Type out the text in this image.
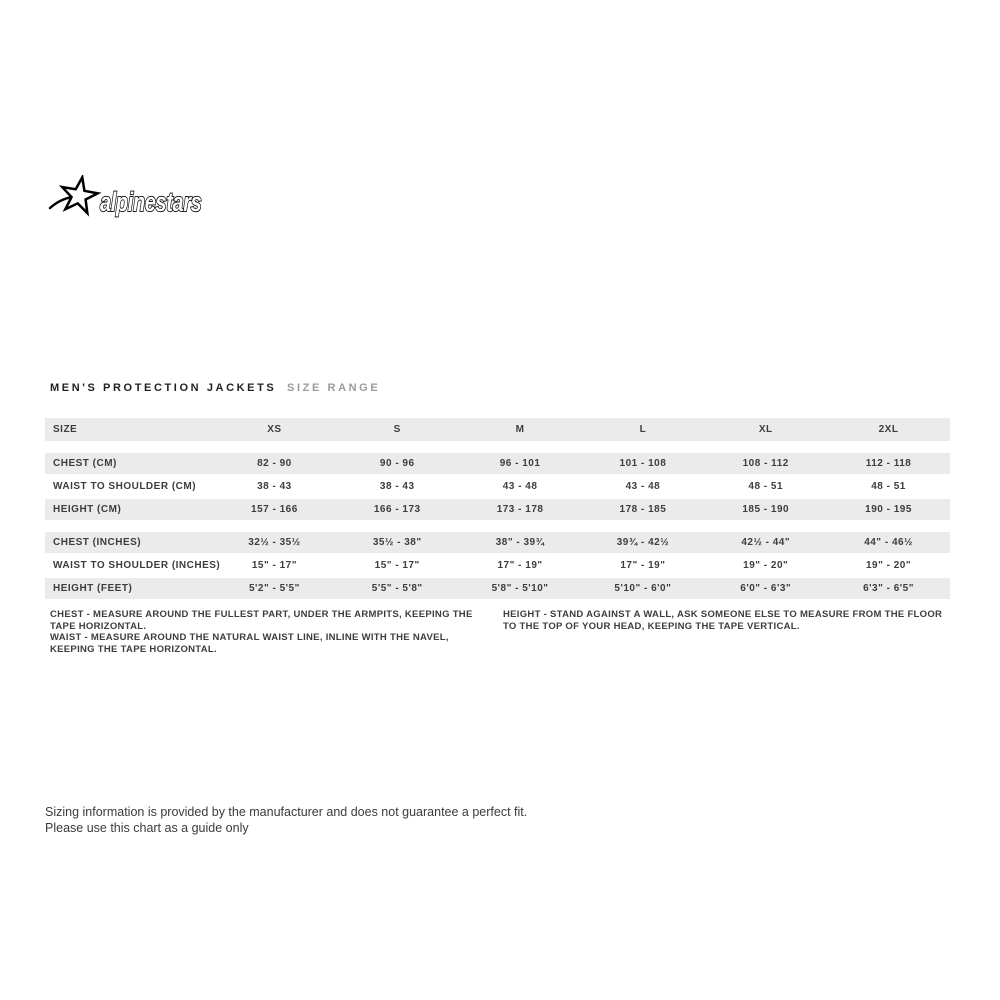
alpinestars
MEN'S PROTECTION JACKETS SIZE RANGE
SIZE	XS	S	M	L	XL	2XL
CHEST (CM)	82 - 90	90 - 96	96 - 101	101 - 108	108 - 112	112 - 118
WAIST TO SHOULDER (CM)	38 - 43	38 - 43	43 - 48	43 - 48	48 - 51	48 - 51
HEIGHT (CM)	157 - 166	166 - 173	173 - 178	178 - 185	185 - 190	190 - 195
CHEST (INCHES)	32½ - 35½	35½ - 38"	38" - 39¾	39¾ - 42½	42½ - 44"	44" - 46½
WAIST TO SHOULDER (INCHES)	15" - 17"	15" - 17"	17" - 19"	17" - 19"	19" - 20"	19" - 20"
HEIGHT (FEET)	5'2" - 5'5"	5'5" - 5'8"	5'8" - 5'10"	5'10" - 6'0"	6'0" - 6'3"	6'3" - 6'5"
CHEST - MEASURE AROUND THE FULLEST PART, UNDER THE ARMPITS, KEEPING THE TAPE HORIZONTAL.
WAIST - MEASURE AROUND THE NATURAL WAIST LINE, INLINE WITH THE NAVEL, KEEPING THE TAPE HORIZONTAL.
HEIGHT - STAND AGAINST A WALL, ASK SOMEONE ELSE TO MEASURE FROM THE FLOOR TO THE TOP OF YOUR HEAD, KEEPING THE TAPE VERTICAL.
Sizing information is provided by the manufacturer and does not guarantee a perfect fit.
Please use this chart as a guide only
